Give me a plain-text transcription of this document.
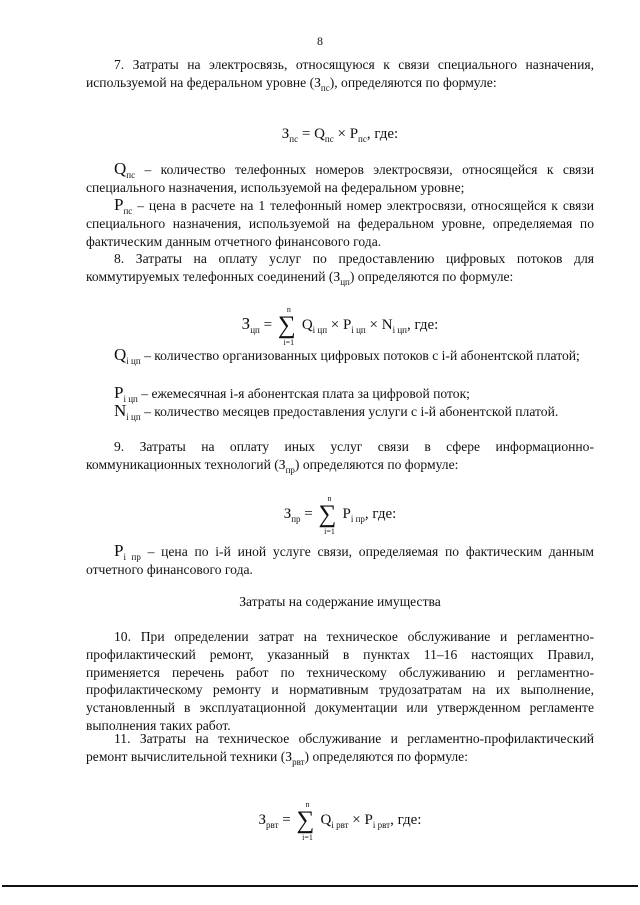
8
7. Затраты на электросвязь, относящуюся к связи специального назначения, используемой на федеральном уровне $(З_{пс})$, определяются по формуле:
$З_{пс} = Q_{пс} \times P_{пс}$, где:
$Q_{пс}$ – количество телефонных номеров электросвязи, относящейся к связи специального назначения, используемой на федеральном уровне;
$P_{пс}$ – цена в расчете на 1 телефонный номер электросвязи, относящейся к связи специального назначения, используемой на федеральном уровне, определяемая по фактическим данным отчетного финансового года.
8. Затраты на оплату услуг по предоставлению цифровых потоков для коммутируемых телефонных соединений $(З_{цп})$ определяются по формуле:
$З_{цп}$ =
n
∑
i=1
$Q_{i цп} \times P_{i цп} \times N_{i цп}$, где:
$Q_{i цп}$ – количество организованных цифровых потоков с i-й абонентской платой;
$P_{i цп}$ – ежемесячная i-я абонентская плата за цифровой поток;
$N_{i цп}$ – количество месяцев предоставления услуги с i-й абонентской платой.
9. Затраты на оплату иных услуг связи в сфере информационно-коммуникационных технологий $(З_{пр})$ определяются по формуле:
$З_{пр}$ =
n
∑
i=1
$P_{i пр}$, где:
$P_{i пр}$ – цена по i-й иной услуге связи, определяемая по фактическим данным отчетного финансового года.
Затраты на содержание имущества
10. При определении затрат на техническое обслуживание и регламентно-профилактический ремонт, указанный в пунктах 11–16 настоящих Правил, применяется перечень работ по техническому обслуживанию и регламентно-профилактическому ремонту и нормативным трудозатратам на их выполнение, установленный в эксплуатационной документации или утвержденном регламенте выполнения таких работ.
11. Затраты на техническое обслуживание и регламентно-профилактический ремонт вычислительной техники $(З_{рвт})$ определяются по формуле:
$З_{рвт}$ =
n
∑
i=1
$Q_{i рвт} \times P_{i рвт}$, где:
